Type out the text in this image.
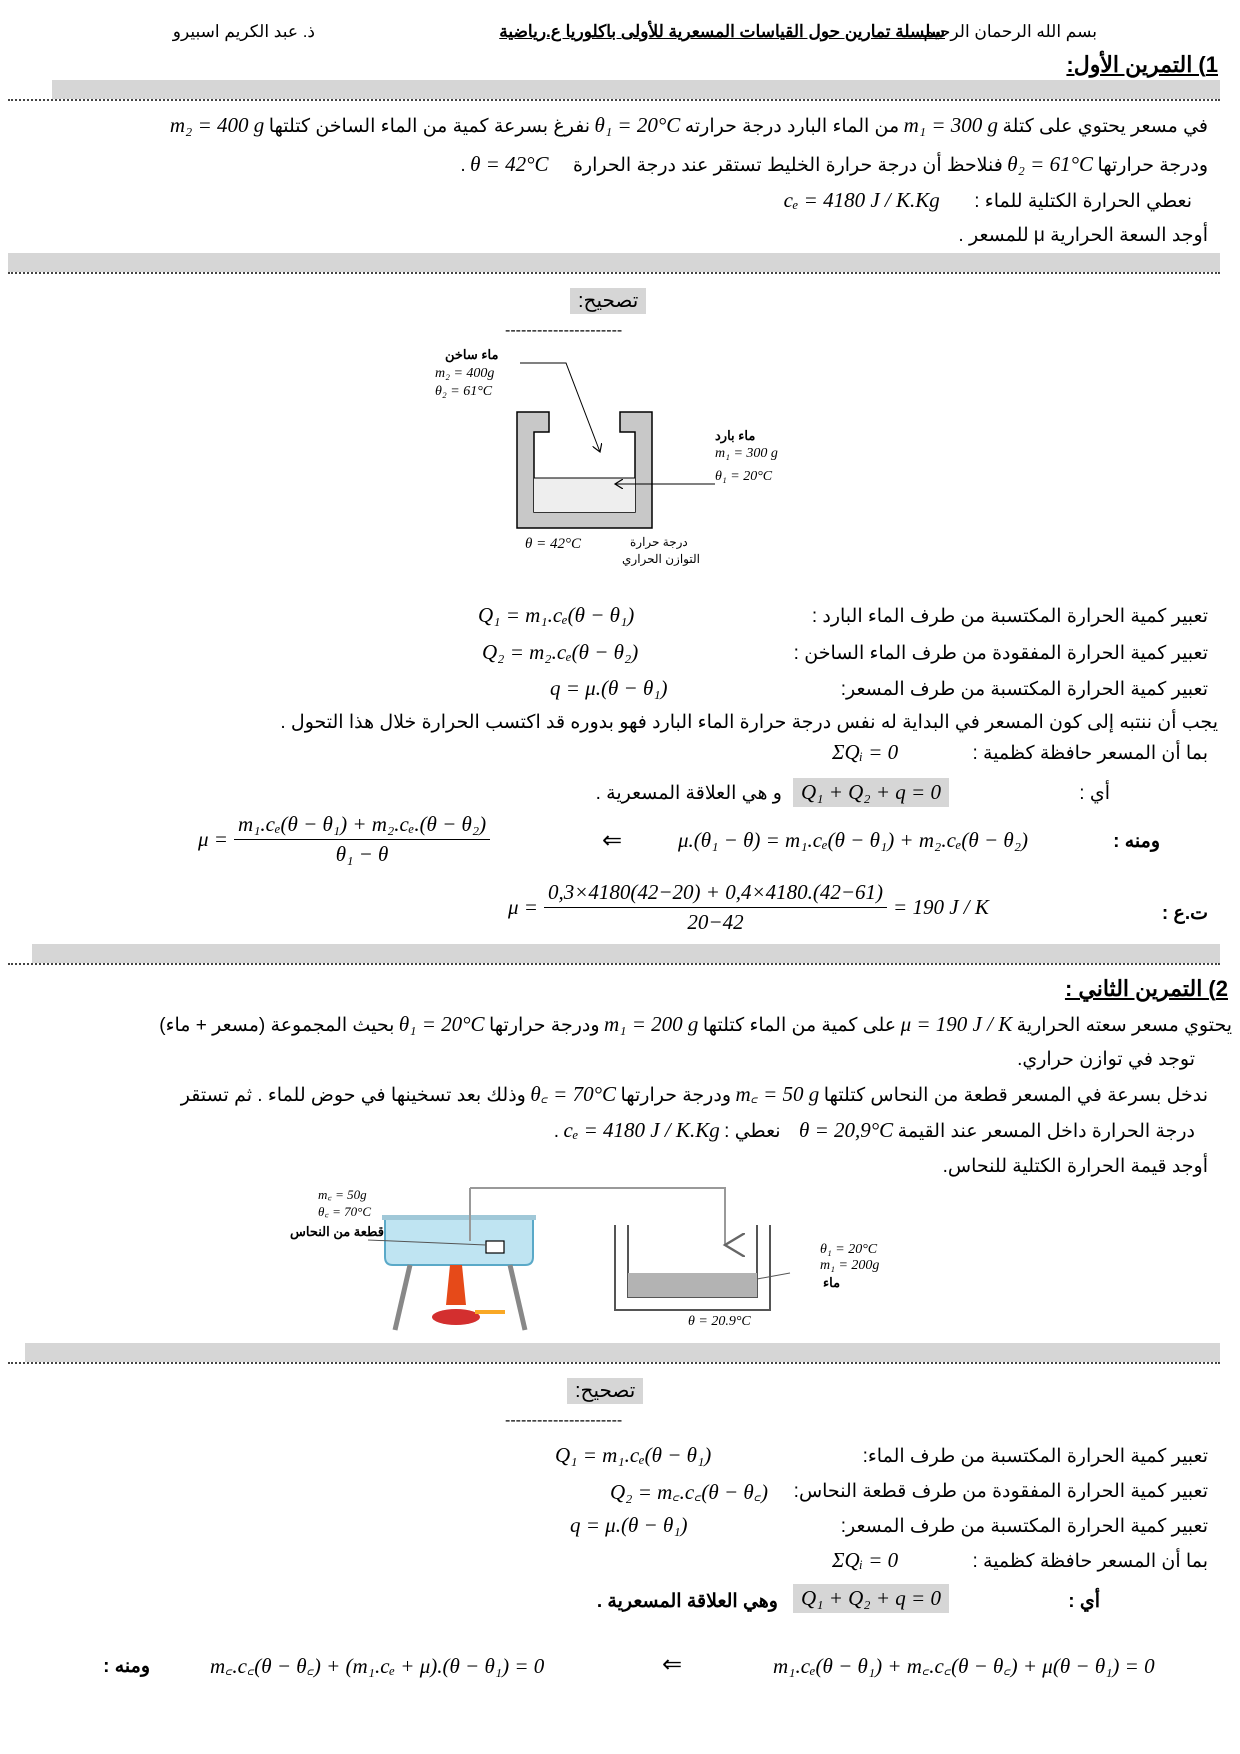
بسم الله الرحمان الرحيم
سلسلة تمارين حول القياسات المسعرية للأولى باكلوريا ع.رياضية
ذ. عبد الكريم اسبيرو
1) التمرين الأول:
في مسعر يحتوي على كتلة m₁ = 300 g من الماء البارد درجة حرارته θ₁ = 20°C نفرغ بسرعة كمية من الماء الساخن كتلتها m₂ = 400 g
ودرجة حرارتها θ₂ = 61°C فنلاحظ أن درجة حرارة الخليط تستقر عند درجة الحرارة θ = 42°C .
نعطي الحرارة الكتلية للماء : cₑ = 4180 J / K.Kg
أوجد السعة الحرارية μ للمسعر .
تصحيح:
----------------------
ماء ساخن
m₂ = 400g
θ₂ = 61°C
ماء بارد
m₁ = 300 g
θ₁ = 20°C
θ = 42°C	درجة حرارة
التوازن الحراري
تعبير كمية الحرارة المكتسبة من طرف الماء البارد :
Q₁ = m₁.cₑ(θ − θ₁)
تعبير كمية الحرارة المفقودة من طرف الماء الساخن :
Q₂ = m₂.cₑ(θ − θ₂)
تعبير كمية الحرارة المكتسبة من طرف المسعر:
q = μ.(θ − θ₁)
يجب أن ننتبه إلى كون المسعر في البداية له نفس درجة حرارة الماء البارد فهو بدوره قد اكتسب الحرارة خلال هذا التحول .
بما أن المسعر حافظة كظمية :
ΣQᵢ = 0
أي :
Q₁ + Q₂ + q = 0
و هي العلاقة المسعرية .
ومنه :
μ.(θ₁ − θ) = m₁.cₑ(θ − θ₁) + m₂.cₑ(θ − θ₂)
⇐
$\mu = \frac{\text{m₁.cₑ(θ − θ₁) + m₂.cₑ.(θ − θ₂)}}{\text{θ₁ − θ}}$
ت.ع :
$\mu = \frac{0,3\times 4180(42-20) + 0,4\times 4180.(42-61)}{20-42} = 190$ J / K
2) التمرين الثاني :
يحتوي مسعر سعته الحرارية μ = 190 J / K على كمية من الماء كتلتها m₁ = 200 g ودرجة حرارتها θ₁ = 20°C بحيث المجموعة (مسعر + ماء)
توجد في توازن حراري.
ندخل بسرعة في المسعر قطعة من النحاس كتلتها m꜀ = 50 g ودرجة حرارتها θ꜀ = 70°C وذلك بعد تسخينها في حوض للماء . ثم تستقر
درجة الحرارة داخل المسعر عند القيمة θ = 20,9°C نعطي : cₑ = 4180 J / K.Kg .
أوجد قيمة الحرارة الكتلية للنحاس.
m꜀ = 50g
θ꜀ = 70°C
قطعة من النحاس
θ₁ = 20°C
m₁ = 200g
ماء
θ = 20.9°C
تصحيح:
----------------------
تعبير كمية الحرارة المكتسبة من طرف الماء:
Q₁ = m₁.cₑ(θ − θ₁)
تعبير كمية الحرارة المفقودة من طرف قطعة النحاس:
Q₂ = m꜀.c꜀(θ − θ꜀)
تعبير كمية الحرارة المكتسبة من طرف المسعر:
q = μ.(θ − θ₁)
بما أن المسعر حافظة كظمية :
ΣQᵢ = 0
أي :
Q₁ + Q₂ + q = 0
وهي العلاقة المسعرية .
m₁.cₑ(θ − θ₁) + m꜀.c꜀(θ − θ꜀) + μ(θ − θ₁) = 0
⇐
m꜀.c꜀(θ − θ꜀) + (m₁.cₑ + μ).(θ − θ₁) = 0
ومنه :
